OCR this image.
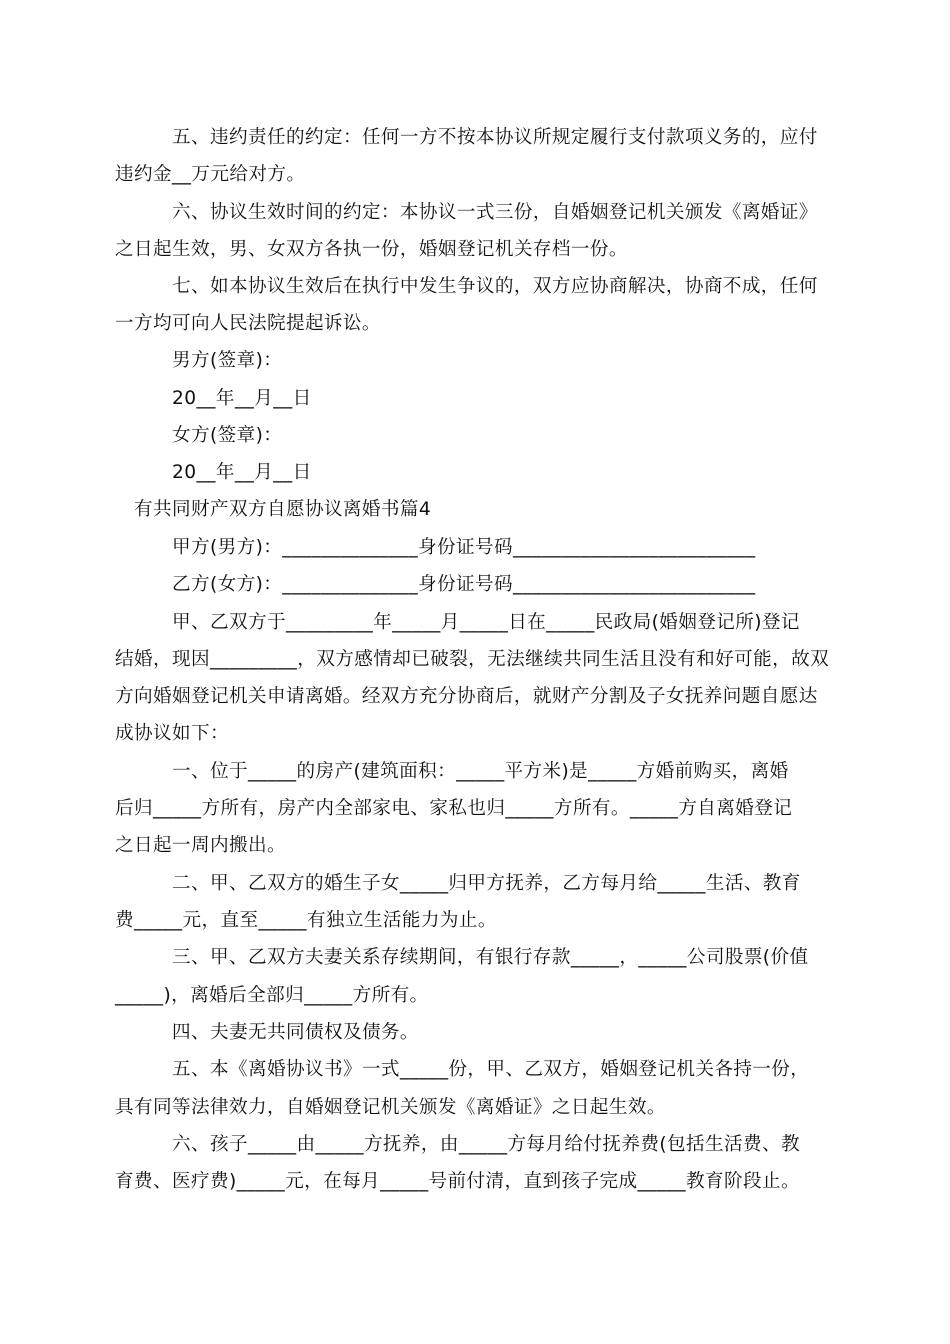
五、违约责任的约定：任何一方不按本协议所规定履行支付款项义务的，应付
违约金__万元给对方。
六、协议生效时间的约定：本协议一式三份，自婚姻登记机关颁发《离婚证》
之日起生效，男、女双方各执一份，婚姻登记机关存档一份。
七、如本协议生效后在执行中发生争议的，双方应协商解决，协商不成，任何
一方均可向人民法院提起诉讼。
男方(签章)：
20__年__月__日
女方(签章)：
20__年__月__日
有共同财产双方自愿协议离婚书篇4
甲方(男方)：______________身份证号码_________________________
乙方(女方)：______________身份证号码_________________________
甲、乙双方于_________年_____月_____日在_____民政局(婚姻登记所)登记
结婚，现因_________，双方感情却已破裂，无法继续共同生活且没有和好可能，故双
方向婚姻登记机关申请离婚。经双方充分协商后，就财产分割及子女抚养问题自愿达
成协议如下：
一、位于_____的房产(建筑面积：_____平方米)是_____方婚前购买，离婚
后归_____方所有，房产内全部家电、家私也归_____方所有。_____方自离婚登记
之日起一周内搬出。
二、甲、乙双方的婚生子女_____归甲方抚养，乙方每月给_____生活、教育
费_____元，直至_____有独立生活能力为止。
三、甲、乙双方夫妻关系存续期间，有银行存款_____，_____公司股票(价值
_____)，离婚后全部归_____方所有。
四、夫妻无共同债权及债务。
五、本《离婚协议书》一式_____份，甲、乙双方，婚姻登记机关各持一份，
具有同等法律效力，自婚姻登记机关颁发《离婚证》之日起生效。
六、孩子_____由_____方抚养，由_____方每月给付抚养费(包括生活费、教
育费、医疗费)_____元，在每月_____号前付清，直到孩子完成_____教育阶段止。
